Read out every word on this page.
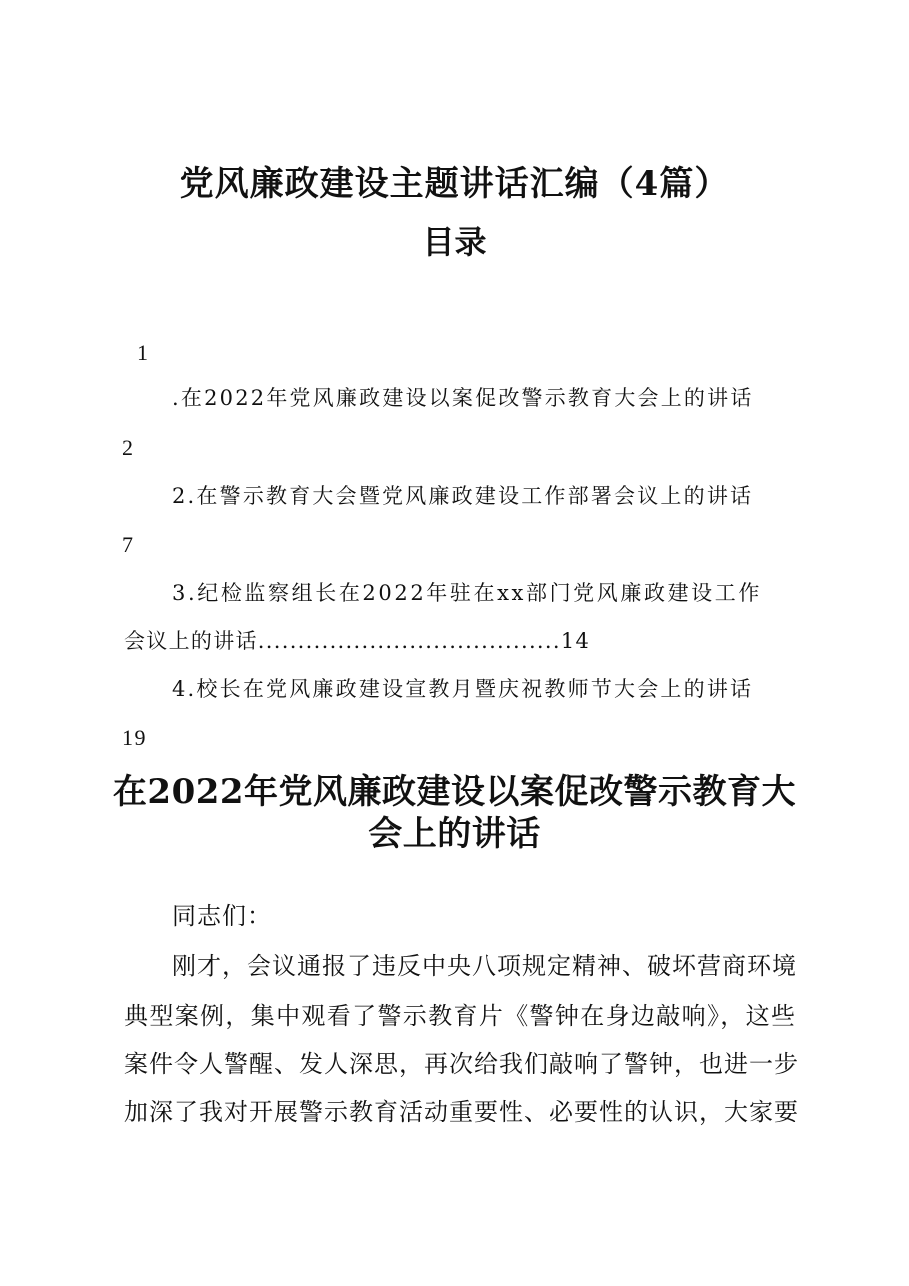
党风廉政建设主题讲话汇编（4篇）
目录
1
.在2022年党风廉政建设以案促改警示教育大会上的讲话
2
2.在警示教育大会暨党风廉政建设工作部署会议上的讲话
7
3.纪检监察组长在2022年驻在xx部门党风廉政建设工作
会议上的讲话......................................14
4.校长在党风廉政建设宣教月暨庆祝教师节大会上的讲话
19
在2022年党风廉政建设以案促改警示教育大
会上的讲话
同志们：
刚才，会议通报了违反中央八项规定精神、破坏营商环境
典型案例，集中观看了警示教育片《警钟在身边敲响》，这些
案件令人警醒、发人深思，再次给我们敲响了警钟，也进一步
加深了我对开展警示教育活动重要性、必要性的认识，大家要
